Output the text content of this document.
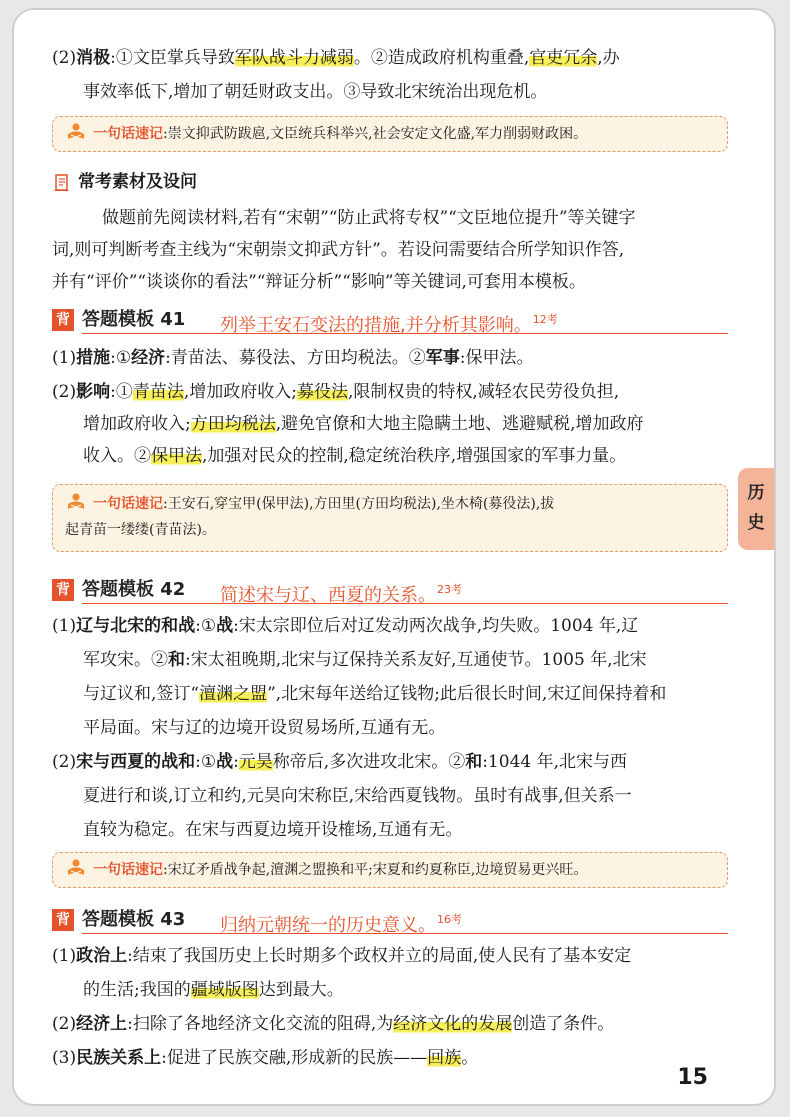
(2)消极:①文臣掌兵导致军队战斗力减弱。②造成政府机构重叠,官吏冗余,办
事效率低下,增加了朝廷财政支出。③导致北宋统治出现危机。
一句话速记:崇文抑武防跋扈,文臣统兵科举兴,社会安定文化盛,军力削弱财政困。
常考素材及设问
做题前先阅读材料,若有“宋朝”“防止武将专权”“文臣地位提升”等关键字
词,则可判断考查主线为“宋朝崇文抑武方针”。若设问需要结合所学知识作答,
并有“评价”“谈谈你的看法”“辩证分析”“影响”等关键词,可套用本模板。
背 答题模板 41 列举王安石变法的措施,并分析其影响。$^{12考}$
(1)措施:①经济:青苗法、募役法、方田均税法。②军事:保甲法。
(2)影响:①青苗法,增加政府收入;募役法,限制权贵的特权,减轻农民劳役负担,
增加政府收入;方田均税法,避免官僚和大地主隐瞒土地、逃避赋税,增加政府
收入。②保甲法,加强对民众的控制,稳定统治秩序,增强国家的军事力量。
一句话速记:王安石,穿宝甲(保甲法),方田里(方田均税法),坐木椅(募役法),拔
起青苗一缕缕(青苗法)。
背 答题模板 42 简述宋与辽、西夏的关系。$^{23考}$
(1)辽与北宋的和战:①战:宋太宗即位后对辽发动两次战争,均失败。1004 年,辽
军攻宋。②和:宋太祖晚期,北宋与辽保持关系友好,互通使节。1005 年,北宋
与辽议和,签订“澶渊之盟”,北宋每年送给辽钱物;此后很长时间,宋辽间保持着和
平局面。宋与辽的边境开设贸易场所,互通有无。
(2)宋与西夏的战和:①战:元昊称帝后,多次进攻北宋。②和:1044 年,北宋与西
夏进行和谈,订立和约,元昊向宋称臣,宋给西夏钱物。虽时有战事,但关系一
直较为稳定。在宋与西夏边境开设榷场,互通有无。
一句话速记:宋辽矛盾战争起,澶渊之盟换和平;宋夏和约夏称臣,边境贸易更兴旺。
背 答题模板 43 归纳元朝统一的历史意义。$^{16考}$
(1)政治上:结束了我国历史上长时期多个政权并立的局面,使人民有了基本安定
的生活;我国的疆域版图达到最大。
(2)经济上:扫除了各地经济文化交流的阻碍,为经济文化的发展创造了条件。
(3)民族关系上:促进了民族交融,形成新的民族——回族。
历
史
15
